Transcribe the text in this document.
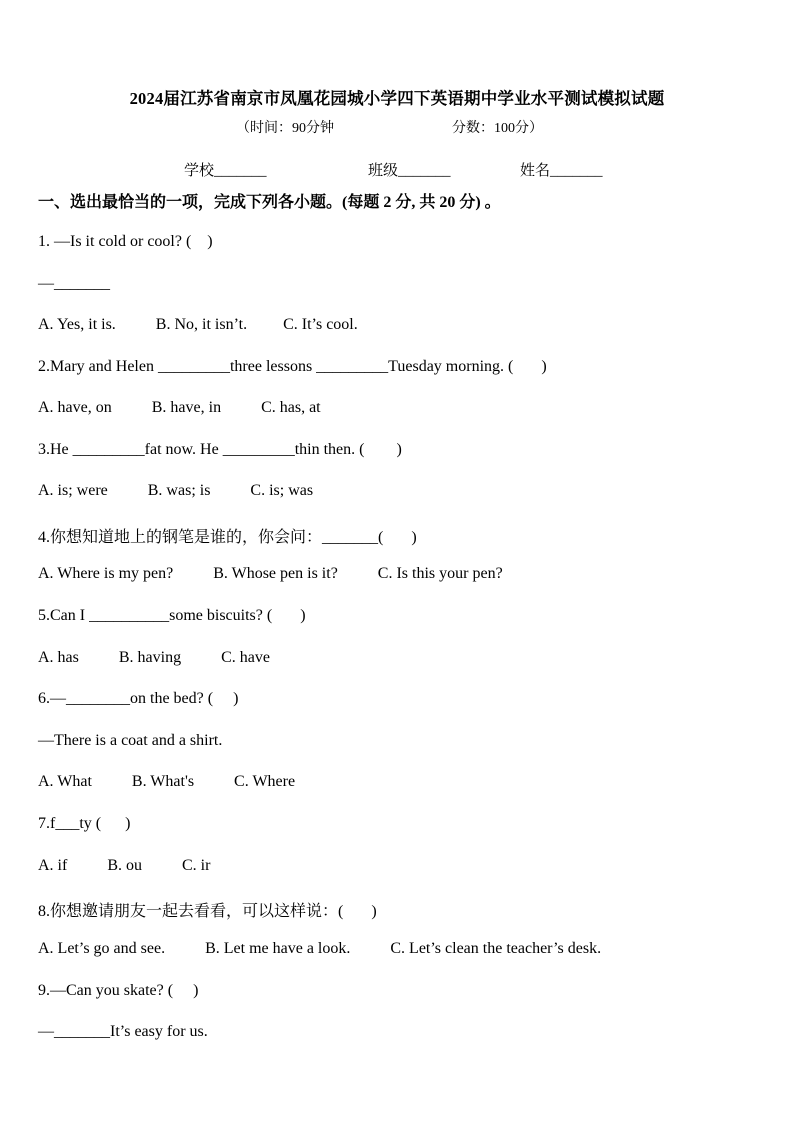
2024届江苏省南京市凤凰花园城小学四下英语期中学业水平测试模拟试题
（时间：90分钟	分数：100分）
学校_______	班级_______	姓名_______
一、选出最恰当的一项，完成下列各小题。(每题 2 分, 共 20 分) 。
1. —Is it cold or cool? (    )
—_______
A. Yes, it is.          B. No, it isn’t.         C. It’s cool.
2.Mary and Helen _________three lessons _________Tuesday morning. (       )
A. have, on          B. have, in          C. has, at
3.He _________fat now. He _________thin then. (        )
A. is; were          B. was; is          C. is; was
4.你想知道地上的钢笔是谁的，你会问：_______(       )
A. Where is my pen?          B. Whose pen is it?          C. Is this your pen?
5.Can I __________some biscuits? (       )
A. has          B. having          C. have
6.—________on the bed? (     )
—There is a coat and a shirt.
A. What          B. What's          C. Where
7.f___ty (      )
A. if          B. ou          C. ir
8.你想邀请朋友一起去看看，可以这样说：(       )
A. Let’s go and see.          B. Let me have a look.          C. Let’s clean the teacher’s desk.
9.—Can you skate? (     )
—_______It’s easy for us.
